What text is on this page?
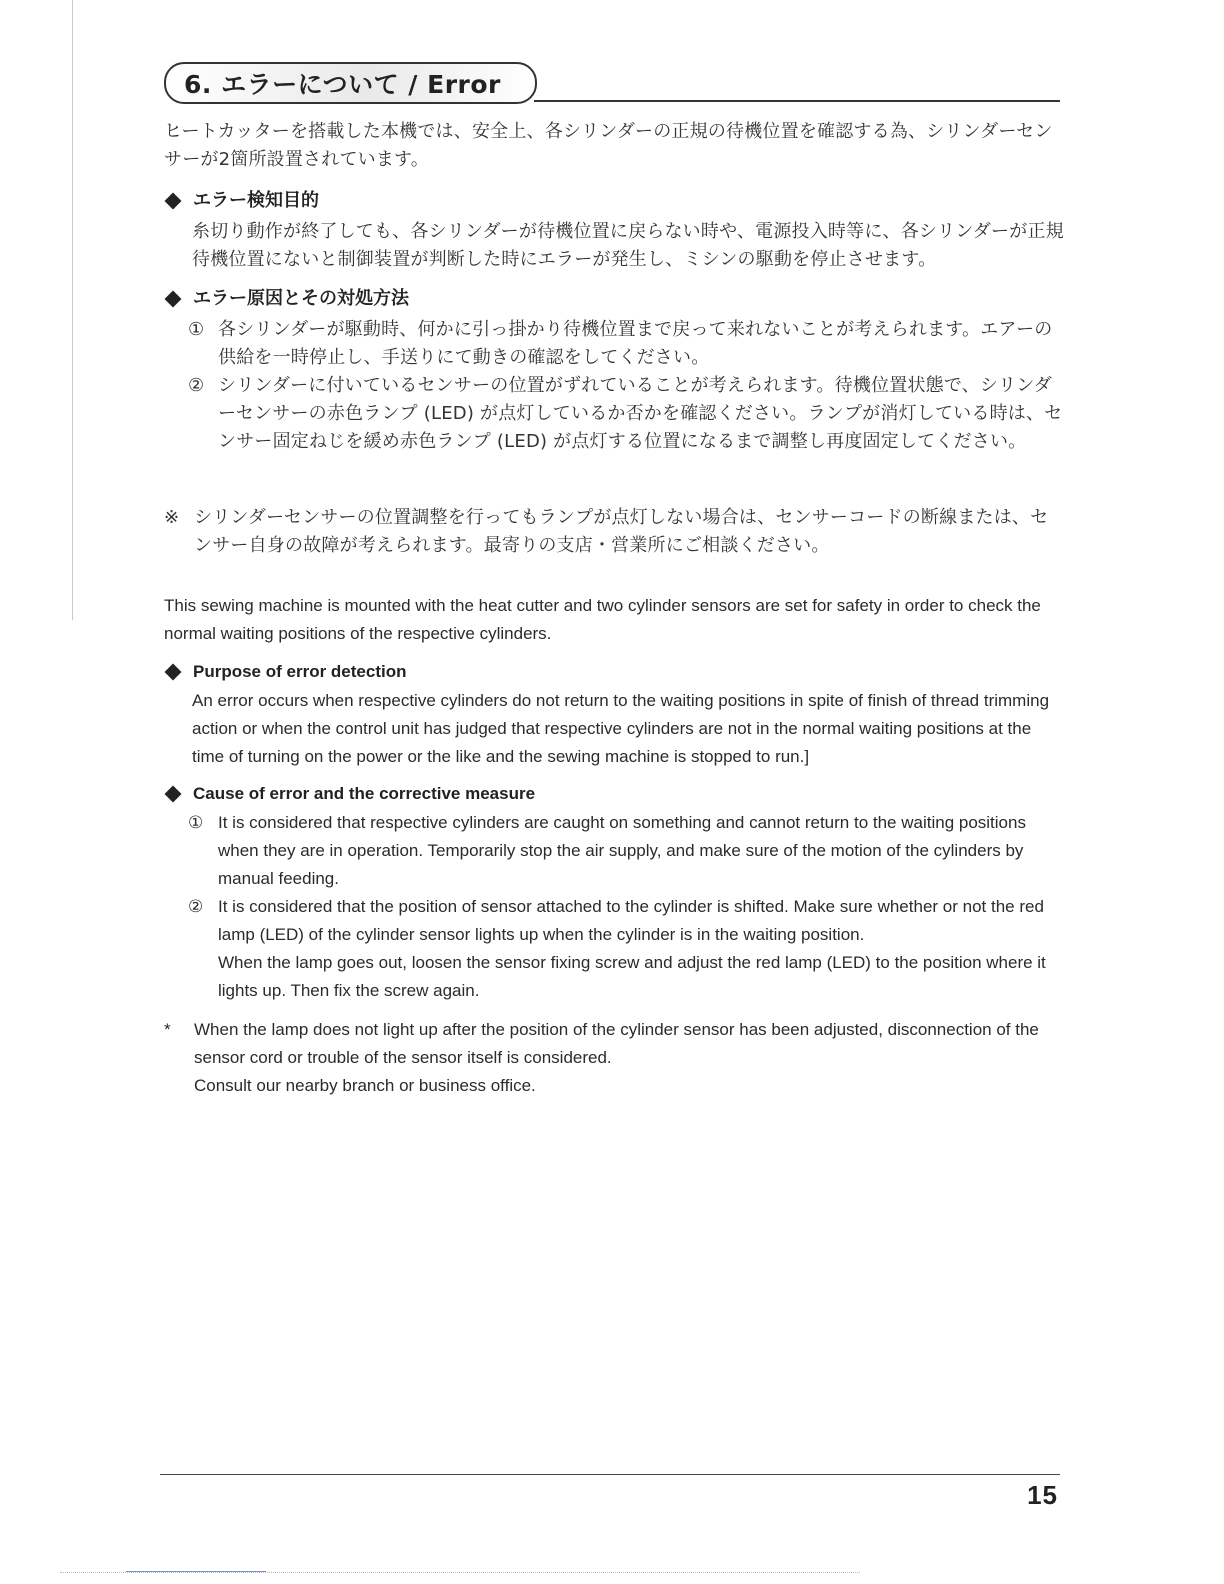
6. エラーについて / Error
ヒートカッターを搭載した本機では、安全上、各シリンダーの正規の待機位置を確認する為、シリンダーセンサーが2箇所設置されています。
エラー検知目的
糸切り動作が終了しても、各シリンダーが待機位置に戻らない時や、電源投入時等に、各シリンダーが正規待機位置にないと制御装置が判断した時にエラーが発生し、ミシンの駆動を停止させます。
エラー原因とその対処方法
① 各シリンダーが駆動時、何かに引っ掛かり待機位置まで戻って来れないことが考えられます。エアーの供給を一時停止し、手送りにて動きの確認をしてください。
② シリンダーに付いているセンサーの位置がずれていることが考えられます。待機位置状態で、シリンダーセンサーの赤色ランプ (LED) が点灯しているか否かを確認ください。ランプが消灯している時は、センサー固定ねじを緩め赤色ランプ (LED) が点灯する位置になるまで調整し再度固定してください。
※ シリンダーセンサーの位置調整を行ってもランプが点灯しない場合は、センサーコードの断線または、センサー自身の故障が考えられます。最寄りの支店・営業所にご相談ください。
This sewing machine is mounted with the heat cutter and two cylinder sensors are set for safety in order to check the normal waiting positions of the respective cylinders.
Purpose of error detection
An error occurs when respective cylinders do not return to the waiting positions in spite of finish of thread trimming action or when the control unit has judged that respective cylinders are not in the normal waiting positions at the time of turning on the power or the like and the sewing machine is stopped to run.]
Cause of error and the corrective measure
① It is considered that respective cylinders are caught on something and cannot return to the waiting positions when they are in operation. Temporarily stop the air supply, and make sure of the motion of the cylinders by manual feeding.
② It is considered that the position of sensor attached to the cylinder is shifted. Make sure whether or not the red lamp (LED) of the cylinder sensor lights up when the cylinder is in the waiting position.
When the lamp goes out, loosen the sensor fixing screw and adjust the red lamp (LED) to the position where it lights up. Then fix the screw again.
*	When the lamp does not light up after the position of the cylinder sensor has been adjusted, disconnection of the sensor cord or trouble of the sensor itself is considered.
Consult our nearby branch or business office.
15
